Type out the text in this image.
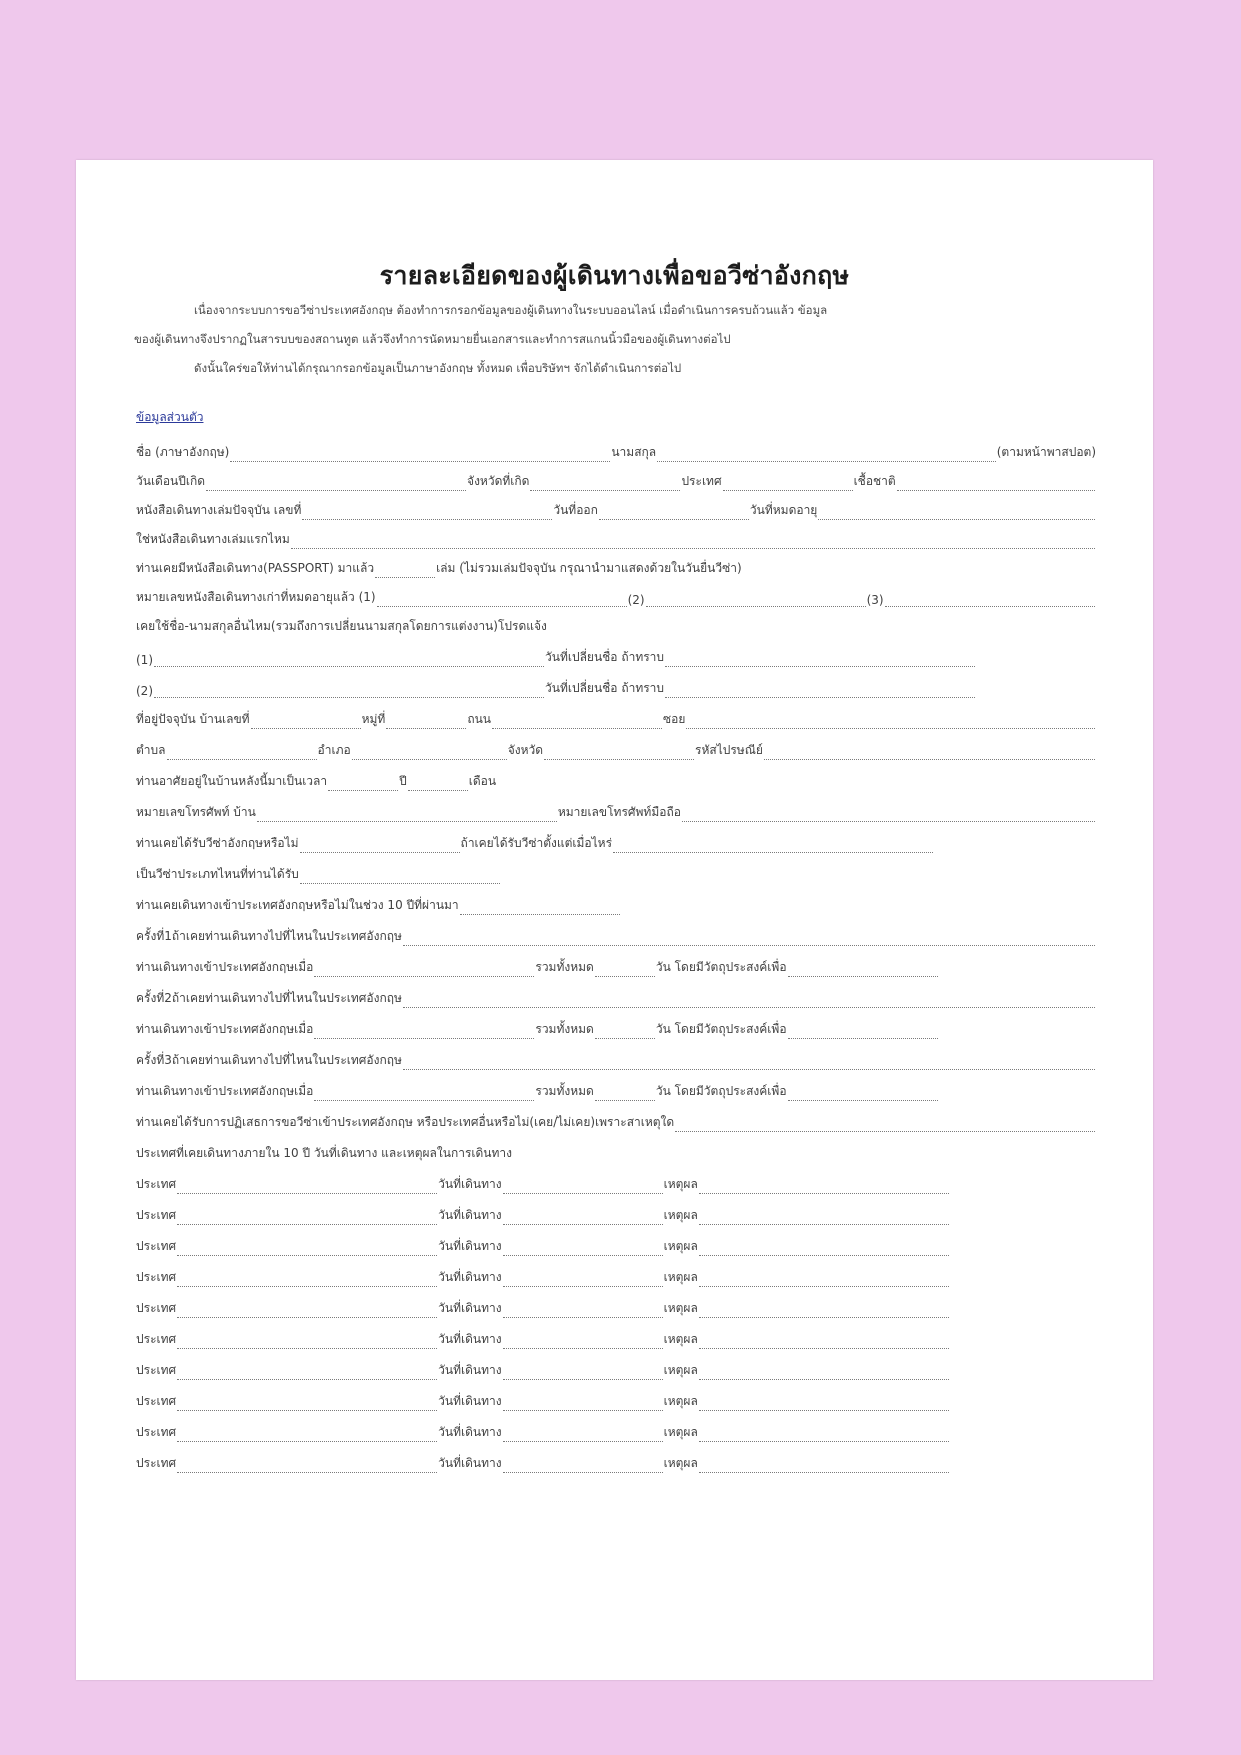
รายละเอียดของผู้เดินทางเพื่อขอวีซ่าอังกฤษ
เนื่องจากระบบการขอวีซ่าประเทศอังกฤษ ต้องทำการกรอกข้อมูลของผู้เดินทางในระบบออนไลน์ เมื่อดำเนินการครบถ้วนแล้ว ข้อมูล
ของผู้เดินทางจึงปรากฏในสารบบของสถานทูต แล้วจึงทำการนัดหมายยื่นเอกสารและทำการสแกนนิ้วมือของผู้เดินทางต่อไป
ดังนั้นใคร่ขอให้ท่านได้กรุณากรอกข้อมูลเป็นภาษาอังกฤษ ทั้งหมด เพื่อบริษัทฯ จักได้ดำเนินการต่อไป
ข้อมูลส่วนตัว
ชื่อ (ภาษาอังกฤษ)	นามสกุล	(ตามหน้าพาสปอต)
วันเดือนปีเกิด	จังหวัดที่เกิด	ประเทศ	เชื้อชาติ
หนังสือเดินทางเล่มปัจจุบัน เลขที่	วันที่ออก	วันที่หมดอายุ
ใช่หนังสือเดินทางเล่มแรกไหม
ท่านเคยมีหนังสือเดินทาง(PASSPORT) มาแล้ว	เล่ม (ไม่รวมเล่มปัจจุบัน กรุณานำมาแสดงด้วยในวันยื่นวีซ่า)
หมายเลขหนังสือเดินทางเก่าที่หมดอายุแล้ว (1)	(2)	(3)
เคยใช้ชื่อ-นามสกุลอื่นไหม(รวมถึงการเปลี่ยนนามสกุลโดยการแต่งงาน)โปรดแจ้ง
(1)	วันที่เปลี่ยนชื่อ ถ้าทราบ
(2)	วันที่เปลี่ยนชื่อ ถ้าทราบ
ที่อยู่ปัจจุบัน บ้านเลขที่	หมู่ที่	ถนน	ซอย
ตำบล	อำเภอ	จังหวัด	รหัสไปรษณีย์
ท่านอาศัยอยู่ในบ้านหลังนี้มาเป็นเวลา	ปี	เดือน
หมายเลขโทรศัพท์ บ้าน	หมายเลขโทรศัพท์มือถือ
ท่านเคยได้รับวีซ่าอังกฤษหรือไม่	ถ้าเคยได้รับวีซ่าตั้งแต่เมื่อไหร่
เป็นวีซ่าประเภทไหนที่ท่านได้รับ
ท่านเคยเดินทางเข้าประเทศอังกฤษหรือไม่ในช่วง 10 ปีที่ผ่านมา
ครั้งที่1ถ้าเคยท่านเดินทางไปที่ไหนในประเทศอังกฤษ
ท่านเดินทางเข้าประเทศอังกฤษเมื่อ	รวมทั้งหมด	วัน โดยมีวัตถุประสงค์เพื่อ
ครั้งที่2ถ้าเคยท่านเดินทางไปที่ไหนในประเทศอังกฤษ
ท่านเดินทางเข้าประเทศอังกฤษเมื่อ	รวมทั้งหมด	วัน โดยมีวัตถุประสงค์เพื่อ
ครั้งที่3ถ้าเคยท่านเดินทางไปที่ไหนในประเทศอังกฤษ
ท่านเดินทางเข้าประเทศอังกฤษเมื่อ	รวมทั้งหมด	วัน โดยมีวัตถุประสงค์เพื่อ
ท่านเคยได้รับการปฏิเสธการขอวีซ่าเข้าประเทศอังกฤษ หรือประเทศอื่นหรือไม่(เคย/ไม่เคย)เพราะสาเหตุใด
ประเทศที่เคยเดินทางภายใน 10 ปี วันที่เดินทาง และเหตุผลในการเดินทาง
ประเทศ	วันที่เดินทาง	เหตุผล
ประเทศ	วันที่เดินทาง	เหตุผล
ประเทศ	วันที่เดินทาง	เหตุผล
ประเทศ	วันที่เดินทาง	เหตุผล
ประเทศ	วันที่เดินทาง	เหตุผล
ประเทศ	วันที่เดินทาง	เหตุผล
ประเทศ	วันที่เดินทาง	เหตุผล
ประเทศ	วันที่เดินทาง	เหตุผล
ประเทศ	วันที่เดินทาง	เหตุผล
ประเทศ	วันที่เดินทาง	เหตุผล
